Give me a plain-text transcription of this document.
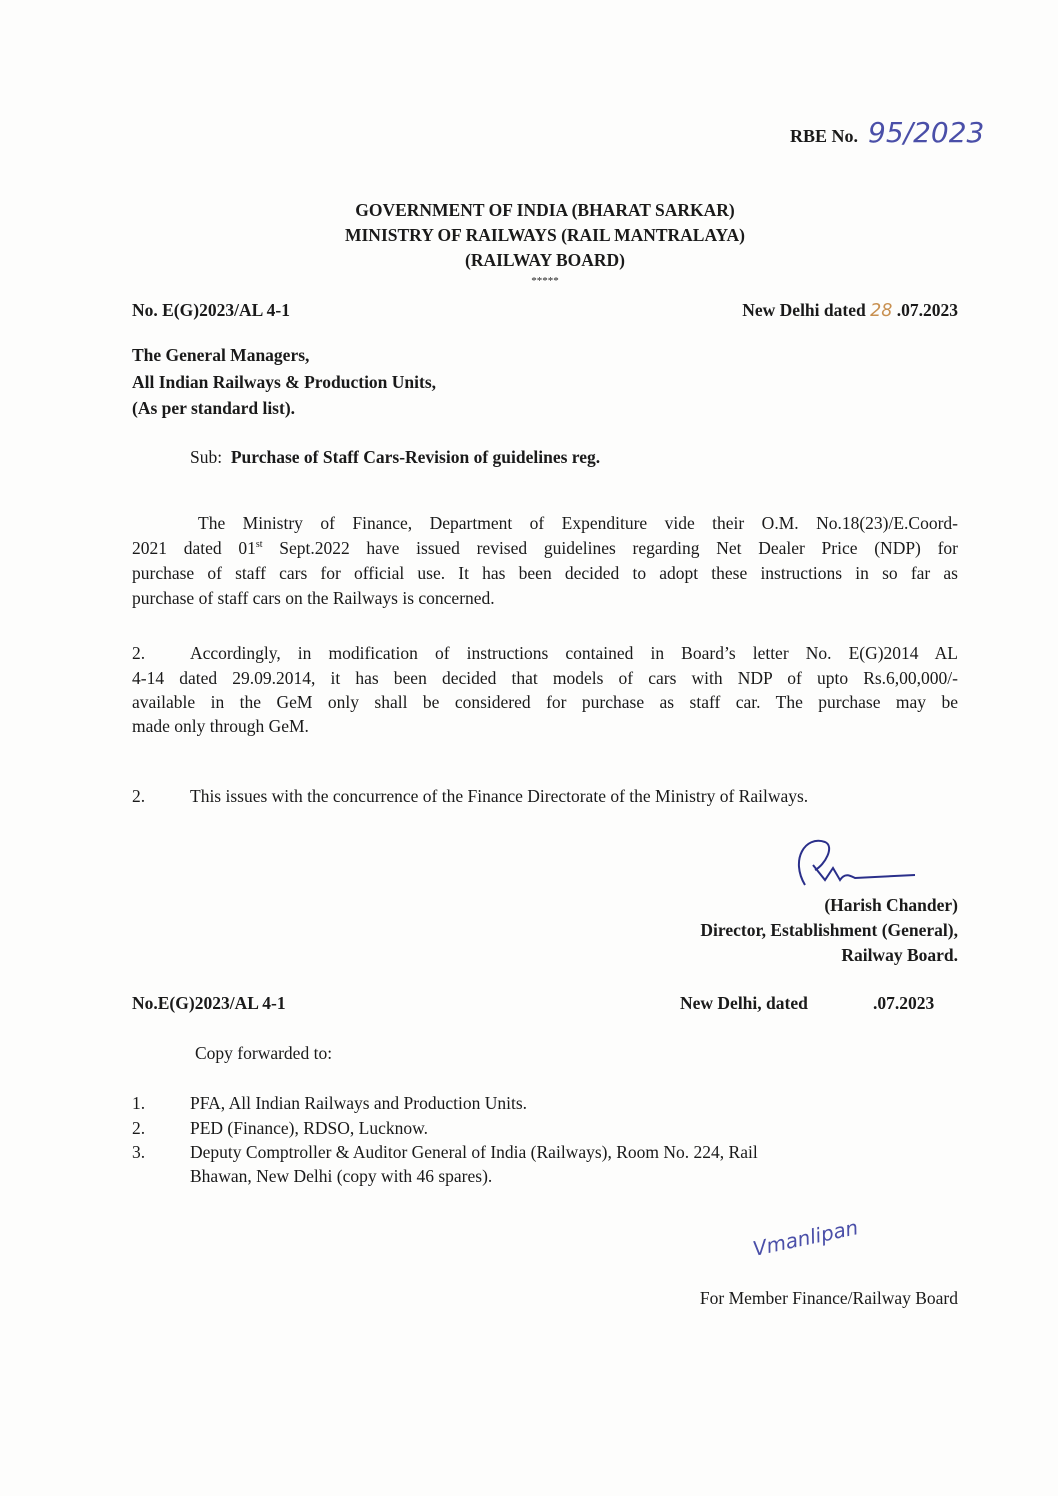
RBE No. 95/2023
GOVERNMENT OF INDIA (BHARAT SARKAR)
MINISTRY OF RAILWAYS (RAIL MANTRALAYA)
(RAILWAY BOARD)
*****
No. E(G)2023/AL 4-1	New Delhi dated 28 .07.2023
The General Managers,
All Indian Railways & Production Units,
(As per standard list).
Sub: Purchase of Staff Cars-Revision of guidelines reg.
The Ministry of Finance, Department of Expenditure vide their O.M. No.18(23)/E.Coord-
2021 dated 01st Sept.2022 have issued revised guidelines regarding Net Dealer Price (NDP) for
purchase of staff cars for official use. It has been decided to adopt these instructions in so far as
purchase of staff cars on the Railways is concerned.
2.	Accordingly, in modification of instructions contained in Board’s letter No. E(G)2014 AL
4-14 dated 29.09.2014, it has been decided that models of cars with NDP of upto Rs.6,00,000/-
available in the GeM only shall be considered for purchase as staff car. The purchase may be
made only through GeM.
2.	This issues with the concurrence of the Finance Directorate of the Ministry of Railways.
(Harish Chander)
Director, Establishment (General),
Railway Board.
No.E(G)2023/AL 4-1	New Delhi, dated	.07.2023
Copy forwarded to:
1.	PFA, All Indian Railways and Production Units.
2.	PED (Finance), RDSO, Lucknow.
3.	Deputy Comptroller & Auditor General of India (Railways), Room No. 224, Rail
Bhawan, New Delhi (copy with 46 spares).
Vmanlipan
For Member Finance/Railway Board
